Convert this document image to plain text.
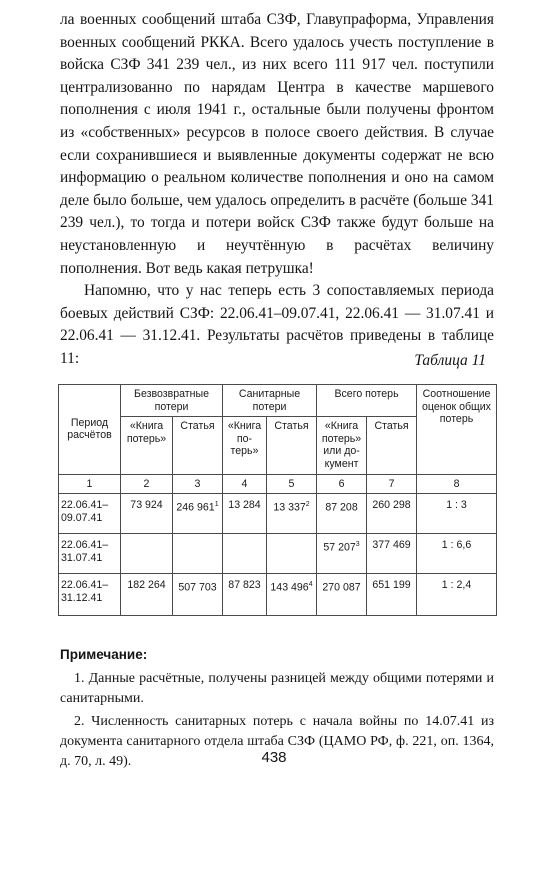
ла военных сообщений штаба СЗФ, Главупраформа, Управления военных сообщений РККА. Всего удалось учесть поступление в войска СЗФ 341 239 чел., из них всего 111 917 чел. поступили централизованно по нарядам Центра в качестве маршевого пополнения с июля 1941 г., остальные были получены фронтом из «собственных» ресурсов в полосе своего действия. В случае если сохранившиеся и выявленные документы содержат не всю информацию о реальном количестве пополнения и оно на самом деле было больше, чем удалось определить в расчёте (больше 341 239 чел.), то тогда и потери войск СЗФ также будут больше на неустановленную и неучтённую в расчётах величину пополнения. Вот ведь какая петрушка!

Напомню, что у нас теперь есть 3 сопоставляемых периода боевых действий СЗФ: 22.06.41–09.07.41, 22.06.41 — 31.07.41 и 22.06.41 — 31.12.41. Результаты расчётов приведены в таблице 11:	Таблица 11
Период расчётов	Безвозвратные потери		Санитарные потери		Всего потерь		Соотношение оценок общих потерь
	«Книга потерь»	Статья	«Книга по-терь»	Статья	«Книга потерь» или до-кумент	Статья	
1	2	3	4	5	6	7	8
22.06.41–09.07.41	73 924	246 $961^1$	13 284	13 $337^2$	87 208	260 298	1 : 3
22.06.41–31.07.41					57 $207^3$	377 469	1 : 6,6
22.06.41–31.12.41	182 264	507 703	87 823	143 $496^4$	270 087	651 199	1 : 2,4
Примечание:

1. Данные расчётные, получены разницей между общими потерями и санитарными.

2. Численность санитарных потерь с начала войны по 14.07.41 из документа санитарного отдела штаба СЗФ (ЦАМО РФ, ф. 221, оп. 1364, д. 70, л. 49).	438
